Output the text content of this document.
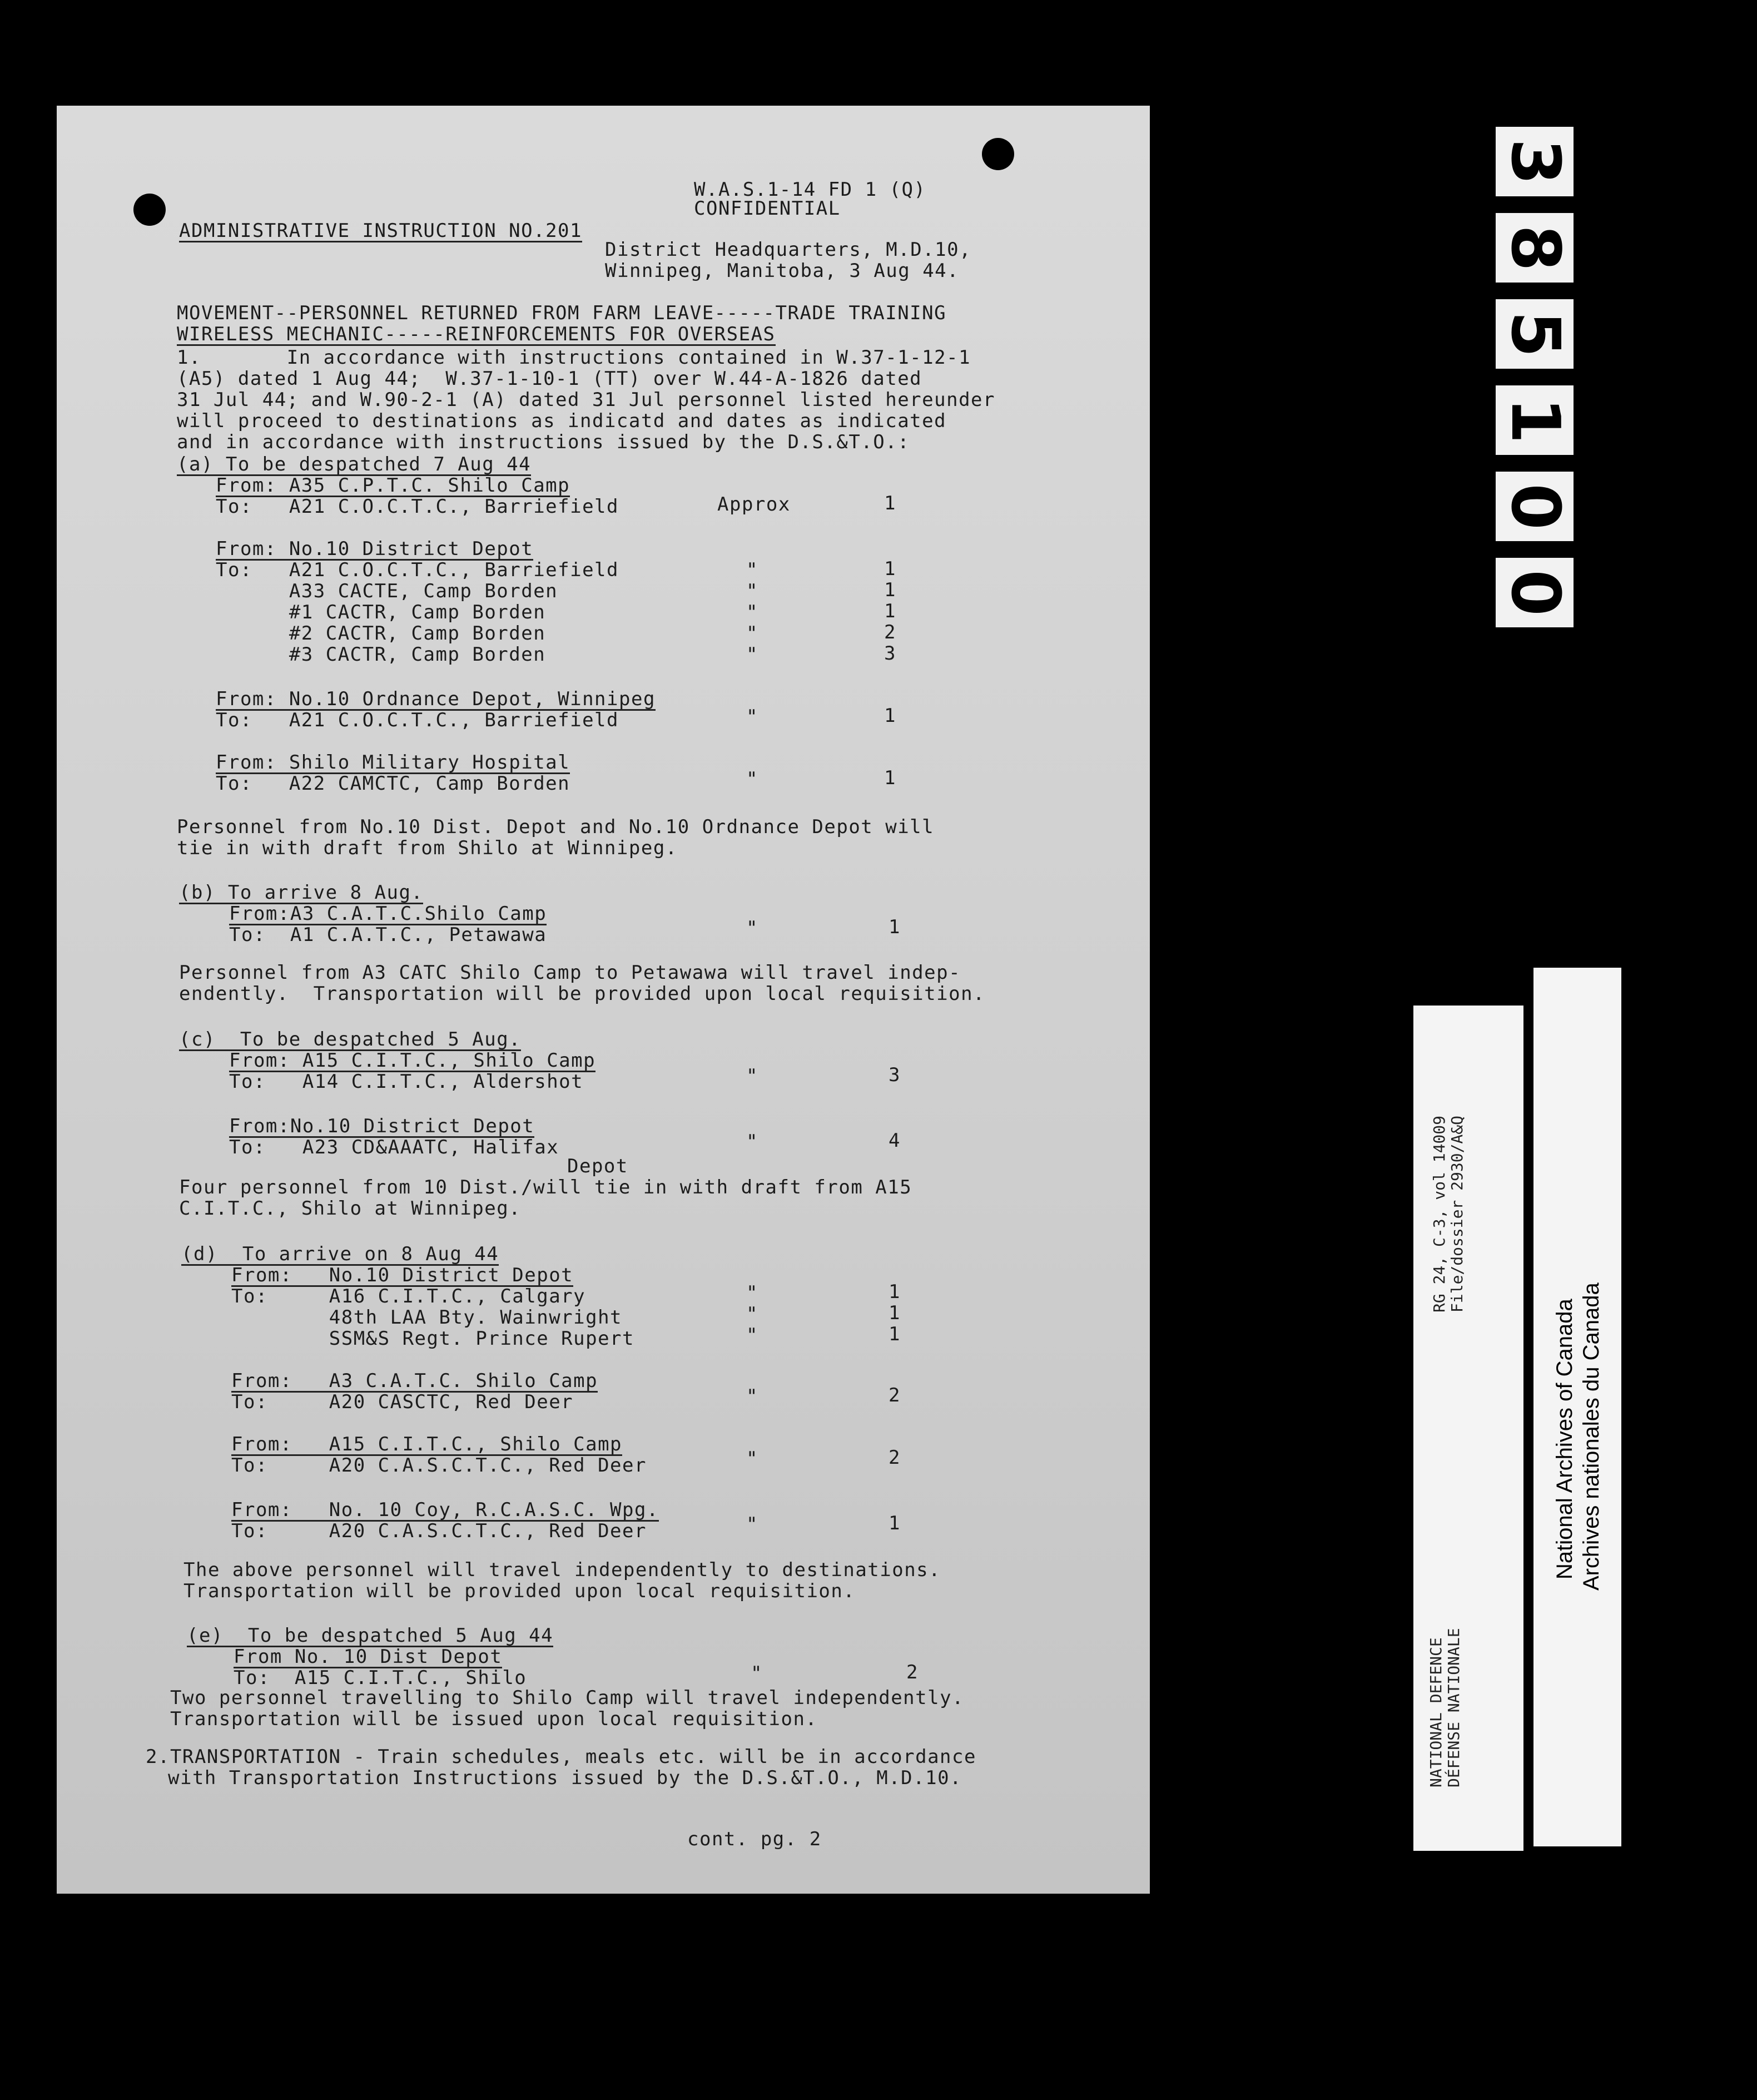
W.A.S.1-14 FD 1 (Q)
CONFIDENTIAL
ADMINISTRATIVE INSTRUCTION NO.201
District Headquarters, M.D.10,
Winnipeg, Manitoba, 3 Aug 44.
MOVEMENT--PERSONNEL RETURNED FROM FARM LEAVE-----TRADE TRAINING
WIRELESS MECHANIC-----REINFORCEMENTS FOR OVERSEAS
1.       In accordance with instructions contained in W.37-1-12-1
(A5) dated 1 Aug 44;  W.37-1-10-1 (TT) over W.44-A-1826 dated
31 Jul 44; and W.90-2-1 (A) dated 31 Jul personnel listed hereunder
will proceed to destinations as indicatd and dates as indicated
and in accordance with instructions issued by the D.S.&T.O.:
(a) To be despatched 7 Aug 44
From: A35 C.P.T.C. Shilo Camp
To:   A21 C.O.C.T.C., Barriefield	Approx	1
From: No.10 District Depot
To:   A21 C.O.C.T.C., Barriefield	"	1
A33 CACTE, Camp Borden	"	1
#1 CACTR, Camp Borden	"	1
#2 CACTR, Camp Borden	"	2
#3 CACTR, Camp Borden	"	3
From: No.10 Ordnance Depot, Winnipeg
To:   A21 C.O.C.T.C., Barriefield	"	1
From: Shilo Military Hospital
To:   A22 CAMCTC, Camp Borden	"	1
Personnel from No.10 Dist. Depot and No.10 Ordnance Depot will
tie in with draft from Shilo at Winnipeg.
(b) To arrive 8 Aug.
From:A3 C.A.T.C.Shilo Camp
To:  A1 C.A.T.C., Petawawa	"	1
Personnel from A3 CATC Shilo Camp to Petawawa will travel indep-
endently.  Transportation will be provided upon local requisition.
(c)  To be despatched 5 Aug.
From: A15 C.I.T.C., Shilo Camp
To:   A14 C.I.T.C., Aldershot	"	3
From:No.10 District Depot
To:   A23 CD&AAATC, Halifax	"	4
Depot
Four personnel from 10 Dist./will tie in with draft from A15
C.I.T.C., Shilo at Winnipeg.
(d)  To arrive on 8 Aug 44
From:   No.10 District Depot
To:     A16 C.I.T.C., Calgary	"	1
48th LAA Bty. Wainwright	"	1
SSM&S Regt. Prince Rupert	"	1
From:   A3 C.A.T.C. Shilo Camp
To:     A20 CASCTC, Red Deer	"	2
From:   A15 C.I.T.C., Shilo Camp
To:     A20 C.A.S.C.T.C., Red Deer	"	2
From:   No. 10 Coy, R.C.A.S.C. Wpg.
To:     A20 C.A.S.C.T.C., Red Deer	"	1
The above personnel will travel independently to destinations.
Transportation will be provided upon local requisition.
(e)  To be despatched 5 Aug 44
From No. 10 Dist Depot
To:  A15 C.I.T.C., Shilo	"	2
Two personnel travelling to Shilo Camp will travel independently.
Transportation will be issued upon local requisition.
2.TRANSPORTATION - Train schedules, meals etc. will be in accordance
with Transportation Instructions issued by the D.S.&T.O., M.D.10.
cont. pg. 2
3
8
5
1
0
0
RG 24, C-3, vol 14009 File/dossier 2930/A&Q
NATIONAL DEFENCE DÉFENSE NATIONALE
National Archives of Canada Archives nationales du Canada
